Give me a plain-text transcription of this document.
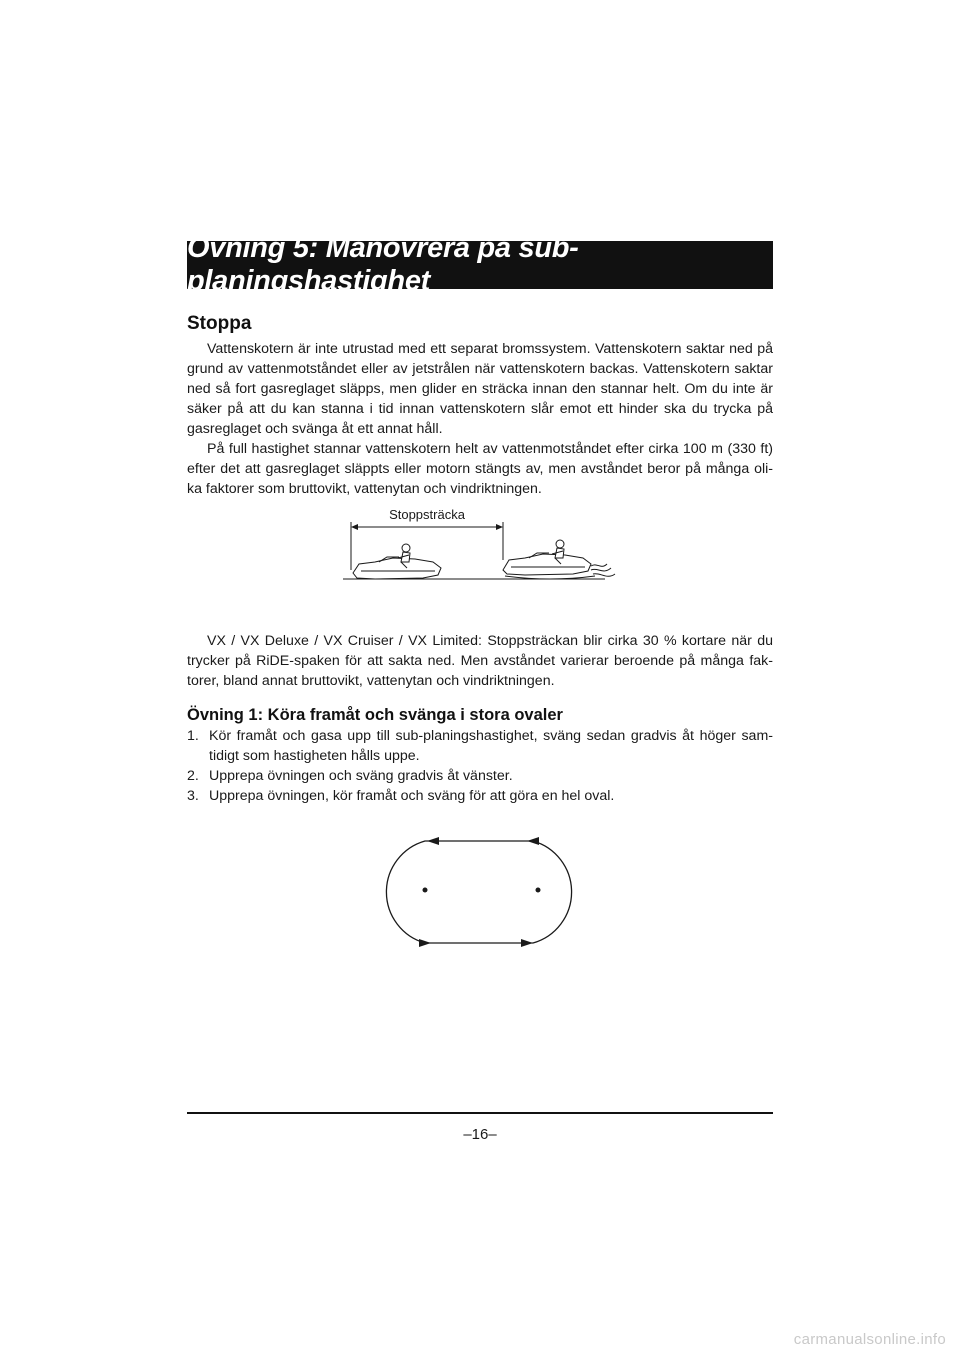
Övning 5: Manövrera på sub-planingshastighet
Stoppa

Vattenskotern är inte utrustad med ett separat bromssystem. Vattenskotern saktar ned på grund av vattenmotståndet eller av jetstrålen när vattenskotern backas. Vattenskotern saktar ned så fort gasreglaget släpps, men glider en sträcka innan den stannar helt. Om du inte är säker på att du kan stanna i tid innan vattenskotern slår emot ett hinder ska du trycka på gasreglaget och svänga åt ett annat håll.

På full hastighet stannar vattenskotern helt av vattenmotståndet efter cirka 100 m (330 ft) efter det att gasreglaget släppts eller motorn stängts av, men avståndet beror på många oli-ka faktorer som bruttovikt, vattenytan och vindriktningen.

Stoppsträcka

VX / VX Deluxe / VX Cruiser / VX Limited: Stoppsträckan blir cirka 30 % kortare när du trycker på RiDE-spaken för att sakta ned. Men avståndet varierar beroende på många fak-torer, bland annat bruttovikt, vattenytan och vindriktningen.

Övning 1: Köra framåt och svänga i stora ovaler
1. Kör framåt och gasa upp till sub-planingshastighet, sväng sedan gradvis åt höger sam-tidigt som hastigheten hålls uppe.
2. Upprepa övningen och sväng gradvis åt vänster.
3. Upprepa övningen, kör framåt och sväng för att göra en hel oval.
–16–
carmanualsonline.info
